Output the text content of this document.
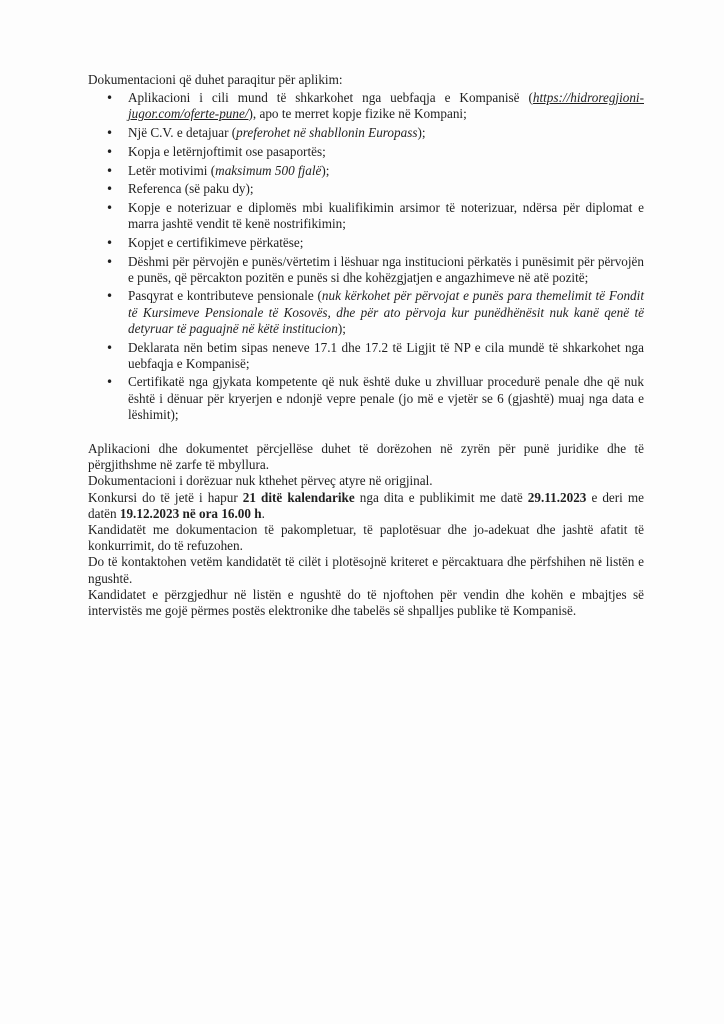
Dokumentacioni që duhet paraqitur për aplikim:

• Aplikacioni i cili mund të shkarkohet nga uebfaqja e Kompanisë (https://hidroregjioni-jugor.com/oferte-pune/), apo te merret kopje fizike në Kompani;
• Një C.V. e detajuar (preferohet në shabllonin Europass);
• Kopja e letërnjoftimit ose pasaportës;
• Letër motivimi (maksimum 500 fjalë);
• Referenca (së paku dy);
• Kopje e noterizuar e diplomës mbi kualifikimin arsimor të noterizuar, ndërsa për diplomat e marra jashtë vendit të kenë nostrifikimin;
• Kopjet e certifikimeve përkatëse;
• Dëshmi për përvojën e punës/vërtetim i lëshuar nga institucioni përkatës i punësimit për përvojën e punës, që përcakton pozitën e punës si dhe kohëzgjatjen e angazhimeve në atë pozitë;
• Pasqyrat e kontributeve pensionale (nuk kërkohet për përvojat e punës para themelimit të Fondit të Kursimeve Pensionale të Kosovës, dhe për ato përvoja kur punëdhënësit nuk kanë qenë të detyruar të paguajnë në këtë institucion);
• Deklarata nën betim sipas neneve 17.1 dhe 17.2 të Ligjit të NP e cila mundë të shkarkohet nga uebfaqja e Kompanisë;
• Certifikatë nga gjykata kompetente që nuk është duke u zhvilluar procedurë penale dhe që nuk është i dënuar për kryerjen e ndonjë vepre penale (jo më e vjetër se 6 (gjashtë) muaj nga data e lëshimit);

Aplikacioni dhe dokumentet përcjellëse duhet të dorëzohen në zyrën për punë juridike dhe të përgjithshme në zarfe të mbyllura.

Dokumentacioni i dorëzuar nuk kthehet përveç atyre në origjinal.

Konkursi do të jetë i hapur 21 ditë kalendarike nga dita e publikimit me datë 29.11.2023 e deri me datën 19.12.2023 në ora 16.00 h.

Kandidatët me dokumentacion të pakompletuar, të paplotësuar dhe jo-adekuat dhe jashtë afatit të konkurrimit, do të refuzohen.

Do të kontaktohen vetëm kandidatët të cilët i plotësojnë kriteret e përcaktuara dhe përfshihen në listën e ngushtë.

Kandidatet e përzgjedhur në listën e ngushtë do të njoftohen për vendin dhe kohën e mbajtjes së intervistës me gojë përmes postës elektronike dhe tabelës së shpalljes publike të Kompanisë.
